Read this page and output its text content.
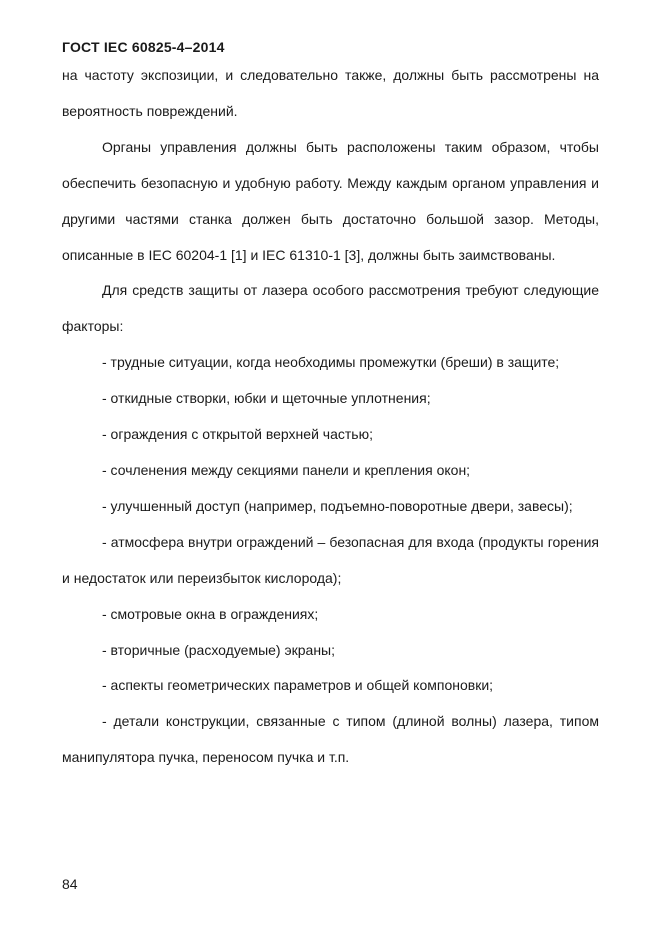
ГОСТ IEC 60825-4–2014

на частоту экспозиции, и следовательно также, должны быть рассмотрены на вероятность повреждений.

Органы управления должны быть расположены таким образом, чтобы обеспечить безопасную и удобную работу. Между каждым органом управления и другими частями станка должен быть достаточно большой зазор. Методы, описанные в IEC 60204-1 [1] и IEC 61310-1 [3], должны быть заимствованы.

Для средств защиты от лазера особого рассмотрения требуют следующие факторы:

- трудные ситуации, когда необходимы промежутки (бреши) в защите;

- откидные створки, юбки и щеточные уплотнения;

- ограждения с открытой верхней частью;

- сочленения между секциями панели и крепления окон;

- улучшенный доступ (например, подъемно-поворотные двери, завесы);

- атмосфера внутри ограждений – безопасная для входа (продукты горения и недостаток или переизбыток кислорода);

- смотровые окна в ограждениях;

- вторичные (расходуемые) экраны;

- аспекты геометрических параметров и общей компоновки;

- детали конструкции, связанные с типом (длиной волны) лазера, типом манипулятора пучка, переносом пучка и т.п.

84
